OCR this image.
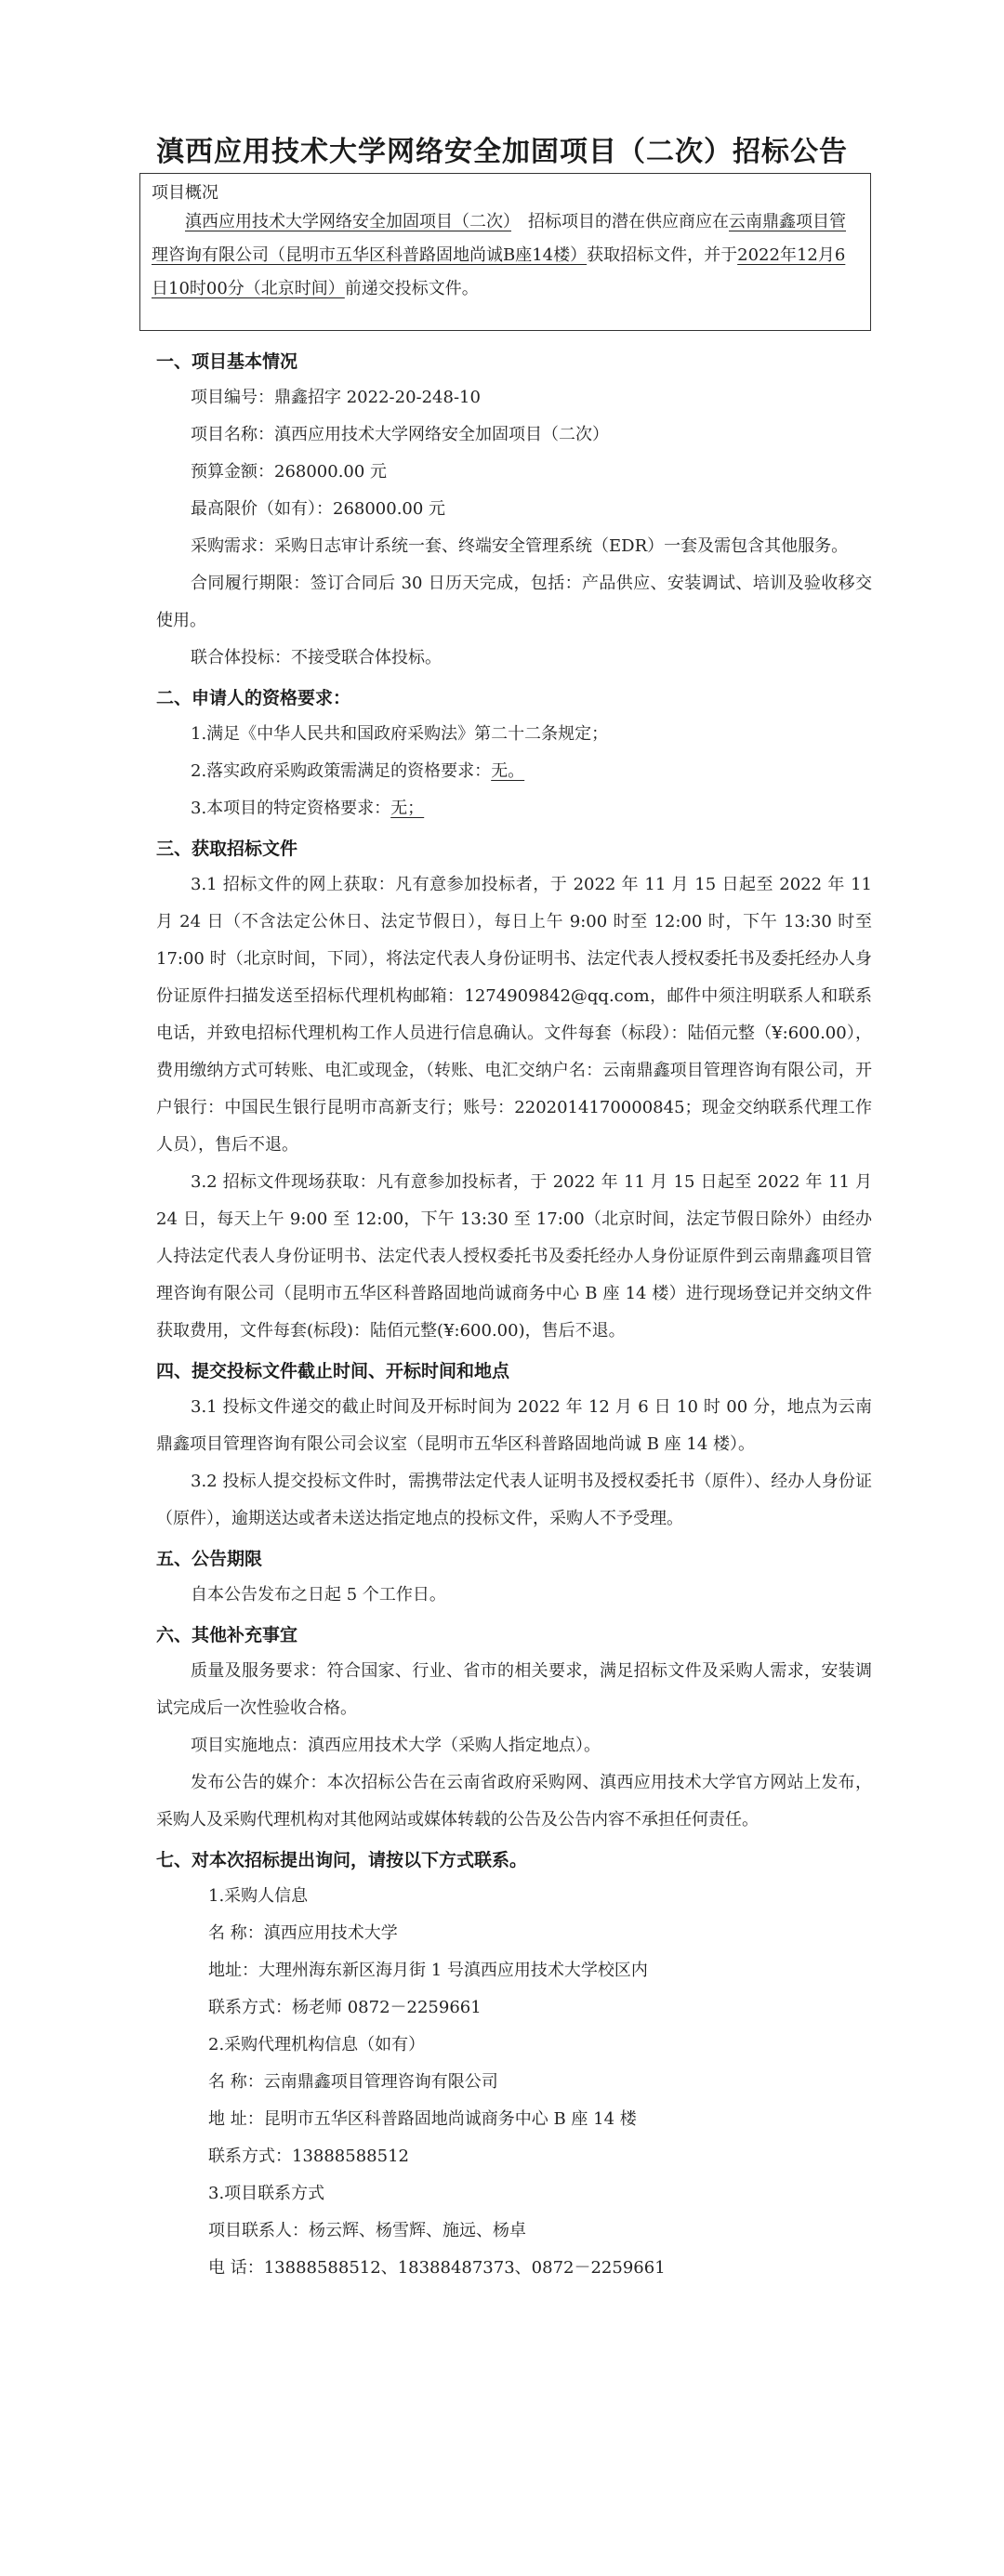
滇西应用技术大学网络安全加固项目（二次）招标公告
项目概况
滇西应用技术大学网络安全加固项目（二次）　 招标项目的潜在供应商应在云南鼎鑫项目管理咨询有限公司（昆明市五华区科普路固地尚诚B座14楼）获取招标文件，并于2022年12月6日10时00分（北京时间）前递交投标文件。
一、项目基本情况

项目编号：鼎鑫招字 2022-20-248-10

项目名称：滇西应用技术大学网络安全加固项目（二次）

预算金额：268000.00 元

最高限价（如有）：268000.00 元

采购需求：采购日志审计系统一套、终端安全管理系统（EDR）一套及需包含其他服务。

合同履行期限：签订合同后 30 日历天完成，包括：产品供应、安装调试、培训及验收移交使用。

联合体投标：不接受联合体投标。

二、申请人的资格要求：

1.满足《中华人民共和国政府采购法》第二十二条规定；

2.落实政府采购政策需满足的资格要求：无。

3.本项目的特定资格要求：无；

三、获取招标文件

3.1 招标文件的网上获取：凡有意参加投标者，于 2022 年 11 月 15 日起至 2022 年 11 月 24 日（不含法定公休日、法定节假日），每日上午 9:00 时至 12:00 时，下午 13:30 时至 17:00 时（北京时间，下同），将法定代表人身份证明书、法定代表人授权委托书及委托经办人身份证原件扫描发送至招标代理机构邮箱：1274909842@qq.com，邮件中须注明联系人和联系电话，并致电招标代理机构工作人员进行信息确认。文件每套（标段）：陆佰元整（¥:600.00），费用缴纳方式可转账、电汇或现金，（转账、电汇交纳户名：云南鼎鑫项目管理咨询有限公司，开户银行：中国民生银行昆明市高新支行；账号：2202014170000845；现金交纳联系代理工作人员），售后不退。

3.2 招标文件现场获取：凡有意参加投标者，于 2022 年 11 月 15 日起至 2022 年 11 月 24 日，每天上午 9:00 至 12:00，下午 13:30 至 17:00（北京时间，法定节假日除外）由经办人持法定代表人身份证明书、法定代表人授权委托书及委托经办人身份证原件到云南鼎鑫项目管理咨询有限公司（昆明市五华区科普路固地尚诚商务中心 B 座 14 楼）进行现场登记并交纳文件获取费用，文件每套(标段)：陆佰元整(¥:600.00)，售后不退。

四、提交投标文件截止时间、开标时间和地点

3.1 投标文件递交的截止时间及开标时间为 2022 年 12 月 6 日 10 时 00 分，地点为云南鼎鑫项目管理咨询有限公司会议室（昆明市五华区科普路固地尚诚 B 座 14 楼）。

3.2 投标人提交投标文件时，需携带法定代表人证明书及授权委托书（原件）、经办人身份证（原件），逾期送达或者未送达指定地点的投标文件，采购人不予受理。

五、公告期限

自本公告发布之日起 5 个工作日。

六、其他补充事宜

质量及服务要求：符合国家、行业、省市的相关要求，满足招标文件及采购人需求，安装调试完成后一次性验收合格。

项目实施地点：滇西应用技术大学（采购人指定地点）。

发布公告的媒介：本次招标公告在云南省政府采购网、滇西应用技术大学官方网站上发布，采购人及采购代理机构对其他网站或媒体转载的公告及公告内容不承担任何责任。

七、对本次招标提出询问，请按以下方式联系。

1.采购人信息

名 称：滇西应用技术大学

地址：大理州海东新区海月街 1 号滇西应用技术大学校区内

联系方式：杨老师 0872－2259661

2.采购代理机构信息（如有）

名 称：云南鼎鑫项目管理咨询有限公司

地 址：昆明市五华区科普路固地尚诚商务中心 B 座 14 楼

联系方式：13888588512

3.项目联系方式

项目联系人：杨云辉、杨雪辉、施远、杨卓

电 话：13888588512、18388487373、0872－2259661
